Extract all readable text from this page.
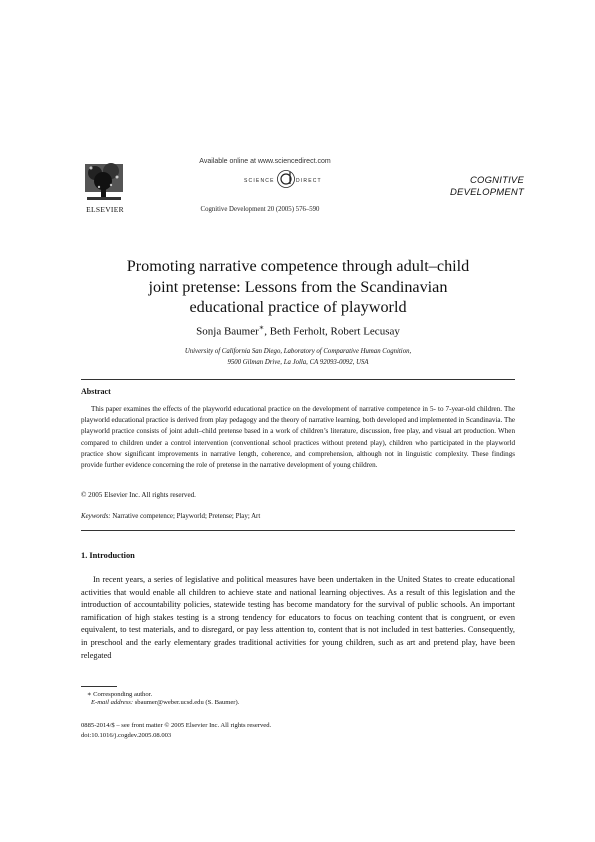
ELSEVIER
Available online at www.sciencedirect.com
SCIENCE	DIRECT
Cognitive Development 20 (2005) 576–590
COGNITIVE
DEVELOPMENT
Promoting narrative competence through adult–child
joint pretense: Lessons from the Scandinavian
educational practice of playworld
Sonja Baumer∗, Beth Ferholt, Robert Lecusay
University of California San Diego, Laboratory of Comparative Human Cognition,
9500 Gilman Drive, La Jolla, CA 92093-0092, USA
Abstract
This paper examines the effects of the playworld educational practice on the development of narrative competence in 5- to 7-year-old children. The playworld educational practice is derived from play pedagogy and the theory of narrative learning, both developed and implemented in Scandinavia. The playworld practice consists of joint adult–child pretense based in a work of children’s literature, discussion, free play, and visual art production. When compared to children under a control intervention (conventional school practices without pretend play), children who participated in the playworld practice show significant improvements in narrative length, coherence, and comprehension, although not in linguistic complexity. These findings provide further evidence concerning the role of pretense in the narrative development of young children.
© 2005 Elsevier Inc. All rights reserved.
Keywords: Narrative competence; Playworld; Pretense; Play; Art
1. Introduction
In recent years, a series of legislative and political measures have been undertaken in the United States to create educational activities that would enable all children to achieve state and national learning objectives. As a result of this legislation and the introduction of accountability policies, statewide testing has become mandatory for the survival of public schools. An important ramification of high stakes testing is a strong tendency for educators to focus on teaching content that is congruent, or even equivalent, to test materials, and to disregard, or pay less attention to, content that is not included in test batteries. Consequently, in preschool and the early elementary grades traditional activities for young children, such as art and pretend play, have been relegated
∗ Corresponding author.
E-mail address: sbaumer@weber.ucsd.edu (S. Baumer).
0885-2014/$ – see front matter © 2005 Elsevier Inc. All rights reserved.
doi:10.1016/j.cogdev.2005.08.003
